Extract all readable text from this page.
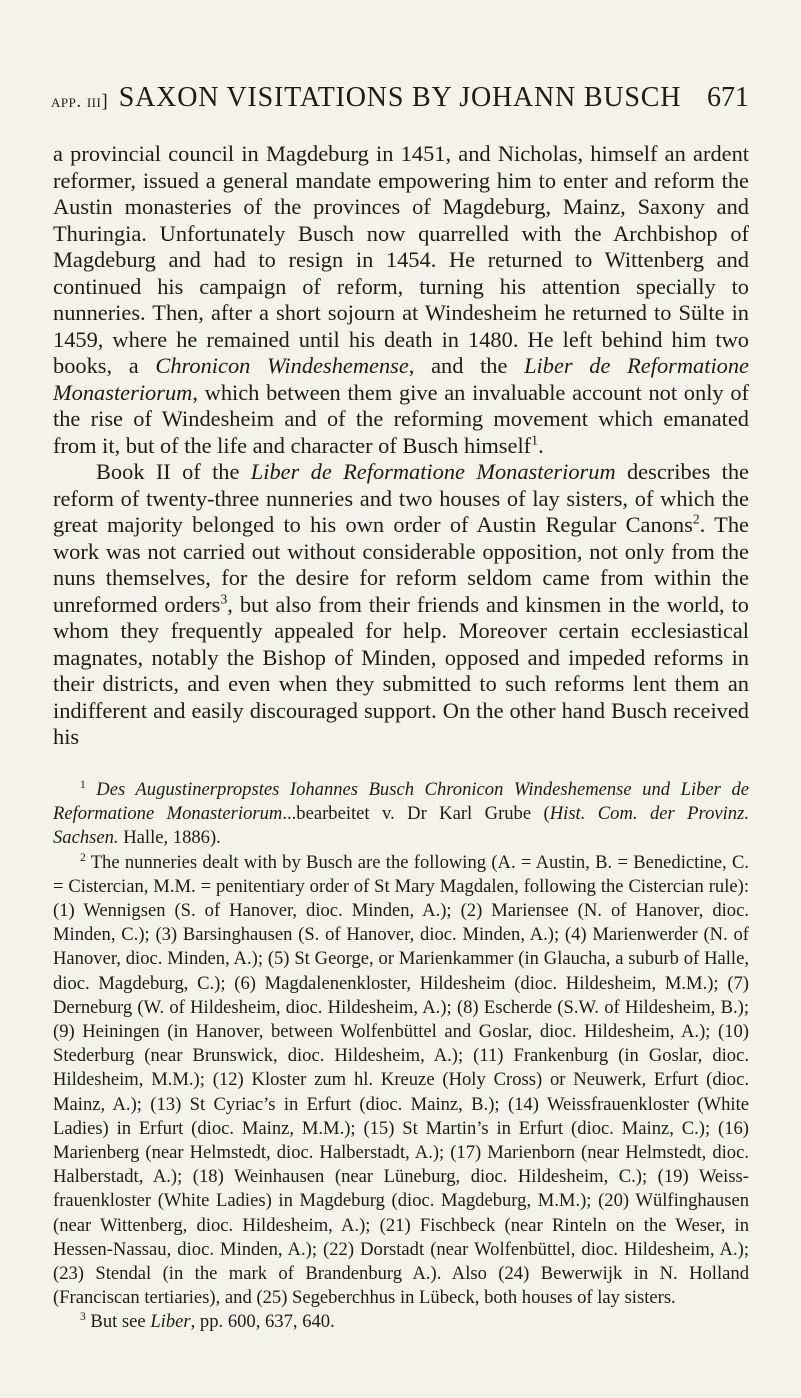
app. iii] SAXON VISITATIONS BY JOHANN BUSCH 671

a provincial council in Magdeburg in 1451, and Nicholas, himself an ardent reformer, issued a general mandate empowering him to enter and reform the Austin monasteries of the provinces of Magdeburg, Mainz, Saxony and Thuringia. Unfortunately Busch now quarrelled with the Archbishop of Magdeburg and had to resign in 1454. He returned to Wittenberg and continued his campaign of reform, turning his attention specially to nunneries. Then, after a short sojourn at Windesheim he returned to Sülte in 1459, where he remained until his death in 1480. He left behind him two books, a Chronicon Windeshemense, and the Liber de Reformatione Monasteriorum, which between them give an invaluable account not only of the rise of Windesheim and of the reforming movement which emanated from it, but of the life and character of Busch himself$^1$.

Book II of the Liber de Reformatione Monasteriorum describes the reform of twenty-three nunneries and two houses of lay sisters, of which the great majority belonged to his own order of Austin Regular Canons$^2$. The work was not carried out without considerable opposition, not only from the nuns themselves, for the desire for reform seldom came from within the unreformed orders$^3$, but also from their friends and kinsmen in the world, to whom they frequently appealed for help. Moreover certain ecclesiastical magnates, notably the Bishop of Minden, opposed and impeded reforms in their districts, and even when they submitted to such reforms lent them an indifferent and easily discouraged support. On the other hand Busch received his

$^1$ Des Augustinerpropstes Iohannes Busch Chronicon Windeshemense und Liber de Reformatione Monasteriorum...bearbeitet v. Dr Karl Grube (Hist. Com. der Provinz. Sachsen. Halle, 1886).

$^2$ The nunneries dealt with by Busch are the following (A. = Austin, B. = Benedictine, C. = Cistercian, M.M. = penitentiary order of St Mary Magdalen, following the Cistercian rule): (1) Wennigsen (S. of Hanover, dioc. Minden, A.); (2) Mariensee (N. of Hanover, dioc. Minden, C.); (3) Barsinghausen (S. of Hanover, dioc. Minden, A.); (4) Marienwerder (N. of Hanover, dioc. Minden, A.); (5) St George, or Marienkammer (in Glaucha, a suburb of Halle, dioc. Magdeburg, C.); (6) Magdalenenkloster, Hildesheim (dioc. Hildesheim, M.M.); (7) Derneburg (W. of Hildesheim, dioc. Hildesheim, A.); (8) Escherde (S.W. of Hildesheim, B.); (9) Heiningen (in Hanover, between Wolfenbüttel and Goslar, dioc. Hildesheim, A.); (10) Stederburg (near Brunswick, dioc. Hildesheim, A.); (11) Frankenburg (in Goslar, dioc. Hildesheim, M.M.); (12) Kloster zum hl. Kreuze (Holy Cross) or Neuwerk, Erfurt (dioc. Mainz, A.); (13) St Cyriac’s in Erfurt (dioc. Mainz, B.); (14) Weissfrauenkloster (White Ladies) in Erfurt (dioc. Mainz, M.M.); (15) St Martin’s in Erfurt (dioc. Mainz, C.); (16) Marienberg (near Helmstedt, dioc. Halberstadt, A.); (17) Marienborn (near Helmstedt, dioc. Halberstadt, A.); (18) Weinhausen (near Lüneburg, dioc. Hildesheim, C.); (19) Weissfrauenkloster (White Ladies) in Magdeburg (dioc. Magdeburg, M.M.); (20) Wülfinghausen (near Wittenberg, dioc. Hildesheim, A.); (21) Fischbeck (near Rinteln on the Weser, in Hessen-Nassau, dioc. Minden, A.); (22) Dorstadt (near Wolfenbüttel, dioc. Hildesheim, A.); (23) Stendal (in the mark of Brandenburg A.). Also (24) Bewerwijk in N. Holland (Franciscan tertiaries), and (25) Segeberchhus in Lübeck, both houses of lay sisters.

$^3$ But see Liber, pp. 600, 637, 640.
